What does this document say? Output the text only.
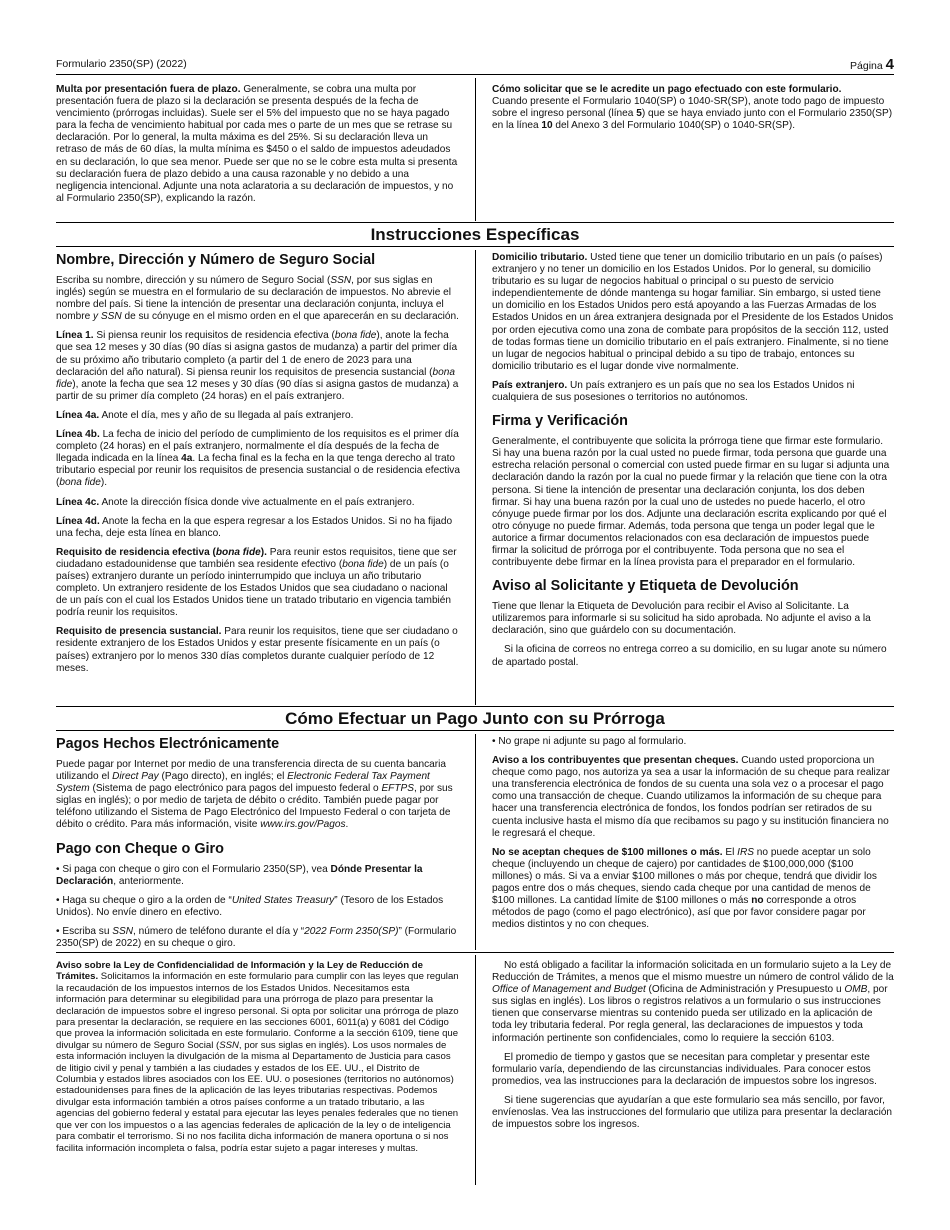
Formulario 2350(SP) (2022)	Página 4

Multa por presentación fuera de plazo. Generalmente, se cobra una multa por presentación fuera de plazo si la declaración se presenta después de la fecha de vencimiento (prórrogas incluidas). Suele ser el 5% del impuesto que no se haya pagado para la fecha de vencimiento habitual por cada mes o parte de un mes que se retrase su declaración. Por lo general, la multa máxima es del 25%. Si su declaración lleva un retraso de más de 60 días, la multa mínima es $450 o el saldo de impuestos adeudados en su declaración, lo que sea menor. Puede ser que no se le cobre esta multa si presenta su declaración fuera de plazo debido a una causa razonable y no debido a una negligencia intencional. Adjunte una nota aclaratoria a su declaración de impuestos, y no al Formulario 2350(SP), explicando la razón.

Cómo solicitar que se le acredite un pago efectuado con este formulario.
Cuando presente el Formulario 1040(SP) o 1040-SR(SP), anote todo pago de impuesto sobre el ingreso personal (línea 5) que se haya enviado junto con el Formulario 2350(SP) en la línea 10 del Anexo 3 del Formulario 1040(SP) o 1040-SR(SP).

Instrucciones Específicas
Nombre, Dirección y Número de Seguro Social

Escriba su nombre, dirección y su número de Seguro Social (SSN, por sus siglas en inglés) según se muestra en el formulario de su declaración de impuestos. No abrevie el nombre del país. Si tiene la intención de presentar una declaración conjunta, incluya el nombre y SSN de su cónyuge en el mismo orden en el que aparecerán en su declaración.

Línea 1. Si piensa reunir los requisitos de residencia efectiva (bona fide), anote la fecha que sea 12 meses y 30 días (90 días si asigna gastos de mudanza) a partir del primer día de su próximo año tributario completo (a partir del 1 de enero de 2023 para una declaración del año natural). Si piensa reunir los requisitos de presencia sustancial (bona fide), anote la fecha que sea 12 meses y 30 días (90 días si asigna gastos de mudanza) a partir de su primer día completo (24 horas) en el país extranjero.

Línea 4a. Anote el día, mes y año de su llegada al país extranjero.

Línea 4b. La fecha de inicio del período de cumplimiento de los requisitos es el primer día completo (24 horas) en el país extranjero, normalmente el día después de la fecha de llegada indicada en la línea 4a. La fecha final es la fecha en la que tenga derecho al trato tributario especial por reunir los requisitos de presencia sustancial o de residencia efectiva (bona fide).

Línea 4c. Anote la dirección física donde vive actualmente en el país extranjero.

Línea 4d. Anote la fecha en la que espera regresar a los Estados Unidos. Si no ha fijado una fecha, deje esta línea en blanco.

Requisito de residencia efectiva (bona fide). Para reunir estos requisitos, tiene que ser ciudadano estadounidense que también sea residente efectivo (bona fide) de un país (o países) extranjero durante un período ininterrumpido que incluya un año tributario completo. Un extranjero residente de los Estados Unidos que sea ciudadano o nacional de un país con el cual los Estados Unidos tiene un tratado tributario en vigencia también podría reunir los requisitos.

Requisito de presencia sustancial. Para reunir los requisitos, tiene que ser ciudadano o residente extranjero de los Estados Unidos y estar presente físicamente en un país (o países) extranjero por lo menos 330 días completos durante cualquier período de 12 meses.

Domicilio tributario. Usted tiene que tener un domicilio tributario en un país (o países) extranjero y no tener un domicilio en los Estados Unidos. Por lo general, su domicilio tributario es su lugar de negocios habitual o principal o su puesto de servicio independientemente de dónde mantenga su hogar familiar. Sin embargo, si usted tiene un domicilio en los Estados Unidos pero está apoyando a las Fuerzas Armadas de los Estados Unidos en un área extranjera designada por el Presidente de los Estados Unidos por orden ejecutiva como una zona de combate para propósitos de la sección 112, usted de todas formas tiene un domicilio tributario en el país extranjero. Finalmente, si no tiene un lugar de negocios habitual o principal debido a su tipo de trabajo, entonces su domicilio tributario es el lugar donde vive normalmente.

País extranjero. Un país extranjero es un país que no sea los Estados Unidos ni cualquiera de sus posesiones o territorios no autónomos.

Firma y Verificación

Generalmente, el contribuyente que solicita la prórroga tiene que firmar este formulario. Si hay una buena razón por la cual usted no puede firmar, toda persona que guarde una estrecha relación personal o comercial con usted puede firmar en su lugar si adjunta una declaración dando la razón por la cual no puede firmar y la relación que tiene con la otra persona. Si tiene la intención de presentar una declaración conjunta, los dos deben firmar. Si hay una buena razón por la cual uno de ustedes no puede hacerlo, el otro cónyuge puede firmar por los dos. Adjunte una declaración escrita explicando por qué el otro cónyuge no puede firmar. Además, toda persona que tenga un poder legal que le autorice a firmar documentos relacionados con esa declaración de impuestos puede firmar la solicitud de prórroga por el contribuyente. Toda persona que no sea el contribuyente debe firmar en la línea provista para el preparador en el formulario.

Aviso al Solicitante y Etiqueta de Devolución

Tiene que llenar la Etiqueta de Devolución para recibir el Aviso al Solicitante. La utilizaremos para informarle si su solicitud ha sido aprobada. No adjunte el aviso a la declaración, sino que guárdelo con su documentación.

Si la oficina de correos no entrega correo a su domicilio, en su lugar anote su número de apartado postal.

Cómo Efectuar un Pago Junto con su Prórroga
Pagos Hechos Electrónicamente

Puede pagar por Internet por medio de una transferencia directa de su cuenta bancaria utilizando el Direct Pay (Pago directo), en inglés; el Electronic Federal Tax Payment System (Sistema de pago electrónico para pagos del impuesto federal o EFTPS, por sus siglas en inglés); o por medio de tarjeta de débito o crédito. También puede pagar por teléfono utilizando el Sistema de Pago Electrónico del Impuesto Federal o con tarjeta de débito o crédito. Para más información, visite www.irs.gov/Pagos.

Pago con Cheque o Giro

• Si paga con cheque o giro con el Formulario 2350(SP), vea Dónde Presentar la Declaración, anteriormente.

• Haga su cheque o giro a la orden de “United States Treasury” (Tesoro de los Estados Unidos). No envíe dinero en efectivo.

• Escriba su SSN, número de teléfono durante el día y “2022 Form 2350(SP)” (Formulario 2350(SP) de 2022) en su cheque o giro.

• No grape ni adjunte su pago al formulario.

Aviso a los contribuyentes que presentan cheques. Cuando usted proporciona un cheque como pago, nos autoriza ya sea a usar la información de su cheque para realizar una transferencia electrónica de fondos de su cuenta una sola vez o a procesar el pago como una transacción de cheque. Cuando utilizamos la información de su cheque para hacer una transferencia electrónica de fondos, los fondos podrían ser retirados de su cuenta inclusive hasta el mismo día que recibamos su pago y su institución financiera no le regresará el cheque.

No se aceptan cheques de $100 millones o más. El IRS no puede aceptar un solo cheque (incluyendo un cheque de cajero) por cantidades de $100,000,000 ($100 millones) o más. Si va a enviar $100 millones o más por cheque, tendrá que dividir los pagos entre dos o más cheques, siendo cada cheque por una cantidad de menos de $100 millones. La cantidad límite de $100 millones o más no corresponde a otros métodos de pago (como el pago electrónico), así que por favor considere pagar por medios distintos y no con cheques.

Aviso sobre la Ley de Confidencialidad de Información y la Ley de Reducción de Trámites. Solicitamos la información en este formulario para cumplir con las leyes que regulan la recaudación de los impuestos internos de los Estados Unidos. Necesitamos esta información para determinar su elegibilidad para una prórroga de plazo para presentar la declaración de impuestos sobre el ingreso personal. Si opta por solicitar una prórroga de plazo para presentar la declaración, se requiere en las secciones 6001, 6011(a) y 6081 del Código que provea la información solicitada en este formulario. Conforme a la sección 6109, tiene que divulgar su número de Seguro Social (SSN, por sus siglas en inglés). Los usos normales de esta información incluyen la divulgación de la misma al Departamento de Justicia para casos de litigio civil y penal y también a las ciudades y estados de los EE. UU., el Distrito de Columbia y estados libres asociados con los EE. UU. o posesiones (territorios no autónomos) estadounidenses para fines de la aplicación de las leyes tributarias respectivas. Podemos divulgar esta información también a otros países conforme a un tratado tributario, a las agencias del gobierno federal y estatal para ejecutar las leyes penales federales que no tienen que ver con los impuestos o a las agencias federales de aplicación de la ley o de inteligencia para combatir el terrorismo. Si no nos facilita dicha información de manera oportuna o si nos facilita información incompleta o falsa, podría estar sujeto a pagar intereses y multas.

No está obligado a facilitar la información solicitada en un formulario sujeto a la Ley de Reducción de Trámites, a menos que el mismo muestre un número de control válido de la Office of Management and Budget (Oficina de Administración y Presupuesto u OMB, por sus siglas en inglés). Los libros o registros relativos a un formulario o sus instrucciones tienen que conservarse mientras su contenido pueda ser utilizado en la aplicación de toda ley tributaria federal. Por regla general, las declaraciones de impuestos y toda información pertinente son confidenciales, como lo requiere la sección 6103.

El promedio de tiempo y gastos que se necesitan para completar y presentar este formulario varía, dependiendo de las circunstancias individuales. Para conocer estos promedios, vea las instrucciones para la declaración de impuestos sobre los ingresos.

Si tiene sugerencias que ayudarían a que este formulario sea más sencillo, por favor, envíenoslas. Vea las instrucciones del formulario que utiliza para presentar la declaración de impuestos sobre los ingresos.
